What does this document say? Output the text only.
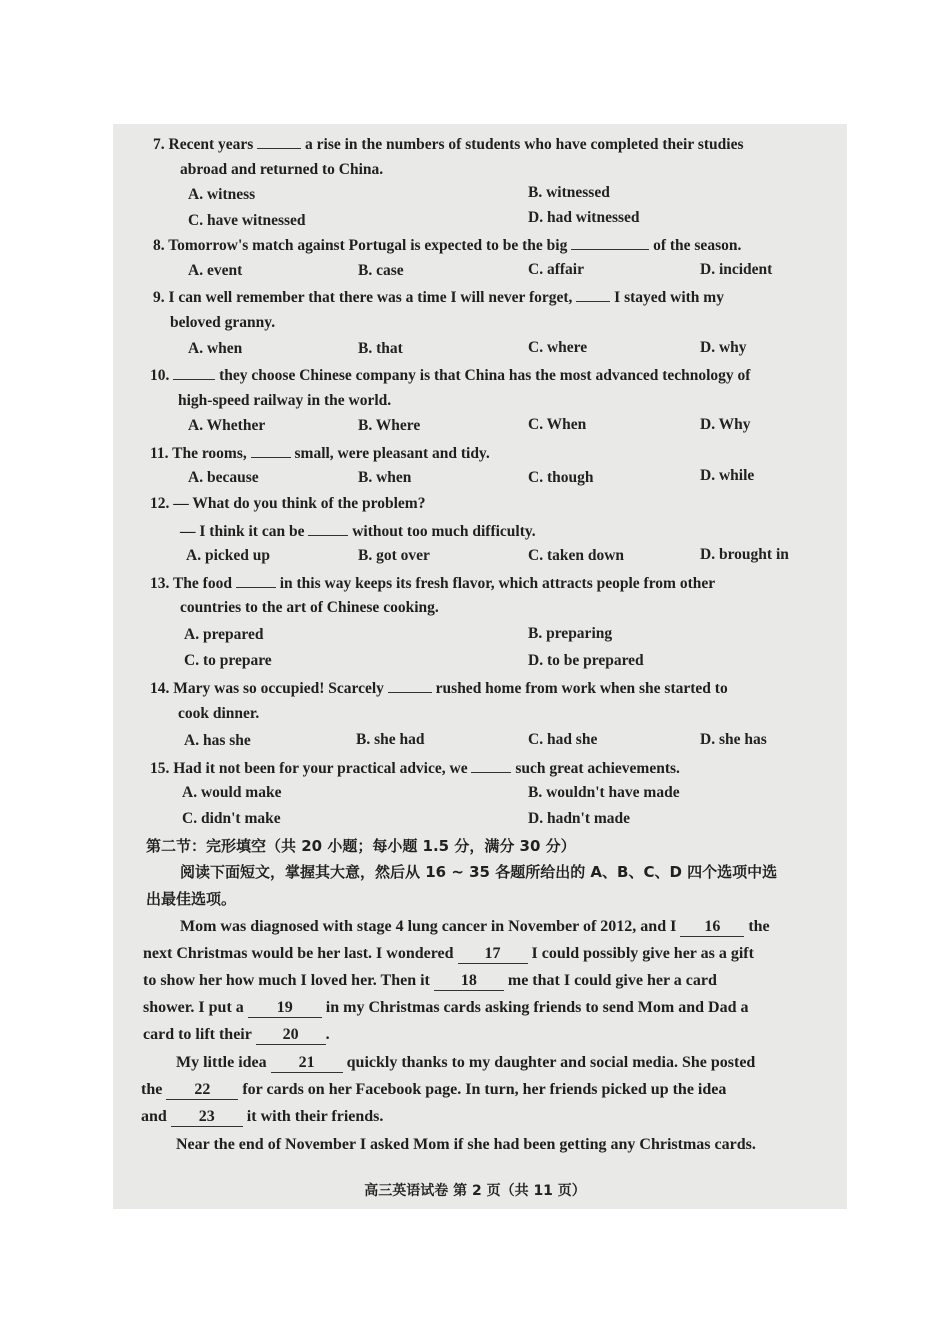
7. Recent years	a rise in the numbers of students who have completed their studies
abroad and returned to China.
A. witness	B. witnessed
C. have witnessed	D. had witnessed
8. Tomorrow's match against Portugal is expected to be the big	of the season.
A. event	B. case	C. affair	D. incident
9. I can well remember that there was a time I will never forget,	I stayed with my
beloved granny.
A. when	B. that	C. where	D. why
10.	they choose Chinese company is that China has the most advanced technology of
high-speed railway in the world.
A. Whether	B. Where	C. When	D. Why
11. The rooms,	small, were pleasant and tidy.
A. because	B. when	C. though	D. while
12. — What do you think of the problem?
— I think it can be	without too much difficulty.
A. picked up	B. got over	C. taken down	D. brought in
13. The food	in this way keeps its fresh flavor, which attracts people from other
countries to the art of Chinese cooking.
A. prepared	B. preparing
C. to prepare	D. to be prepared
14. Mary was so occupied! Scarcely	rushed home from work when she started to
cook dinner.
A. has she	B. she had	C. had she	D. she has
15. Had it not been for your practical advice, we	such great achievements.
A. would make	B. wouldn't have made
C. didn't make	D. hadn't made
第二节：完形填空（共 20 小题；每小题 1.5 分，满分 30 分）
阅读下面短文，掌握其大意，然后从 16 ~ 35 各题所给出的 A、B、C、D 四个选项中选
出最佳选项。
Mom was diagnosed with stage 4 lung cancer in November of 2012, and I 16 the
next Christmas would be her last. I wondered 17 I could possibly give her as a gift
to show her how much I loved her. Then it 18 me that I could give her a card
shower. I put a 19 in my Christmas cards asking friends to send Mom and Dad a
card to lift their 20 .
My little idea 21 quickly thanks to my daughter and social media. She posted
the 22 for cards on her Facebook page. In turn, her friends picked up the idea
and 23 it with their friends.
Near the end of November I asked Mom if she had been getting any Christmas cards.
高三英语试卷 第 2 页（共 11 页）
